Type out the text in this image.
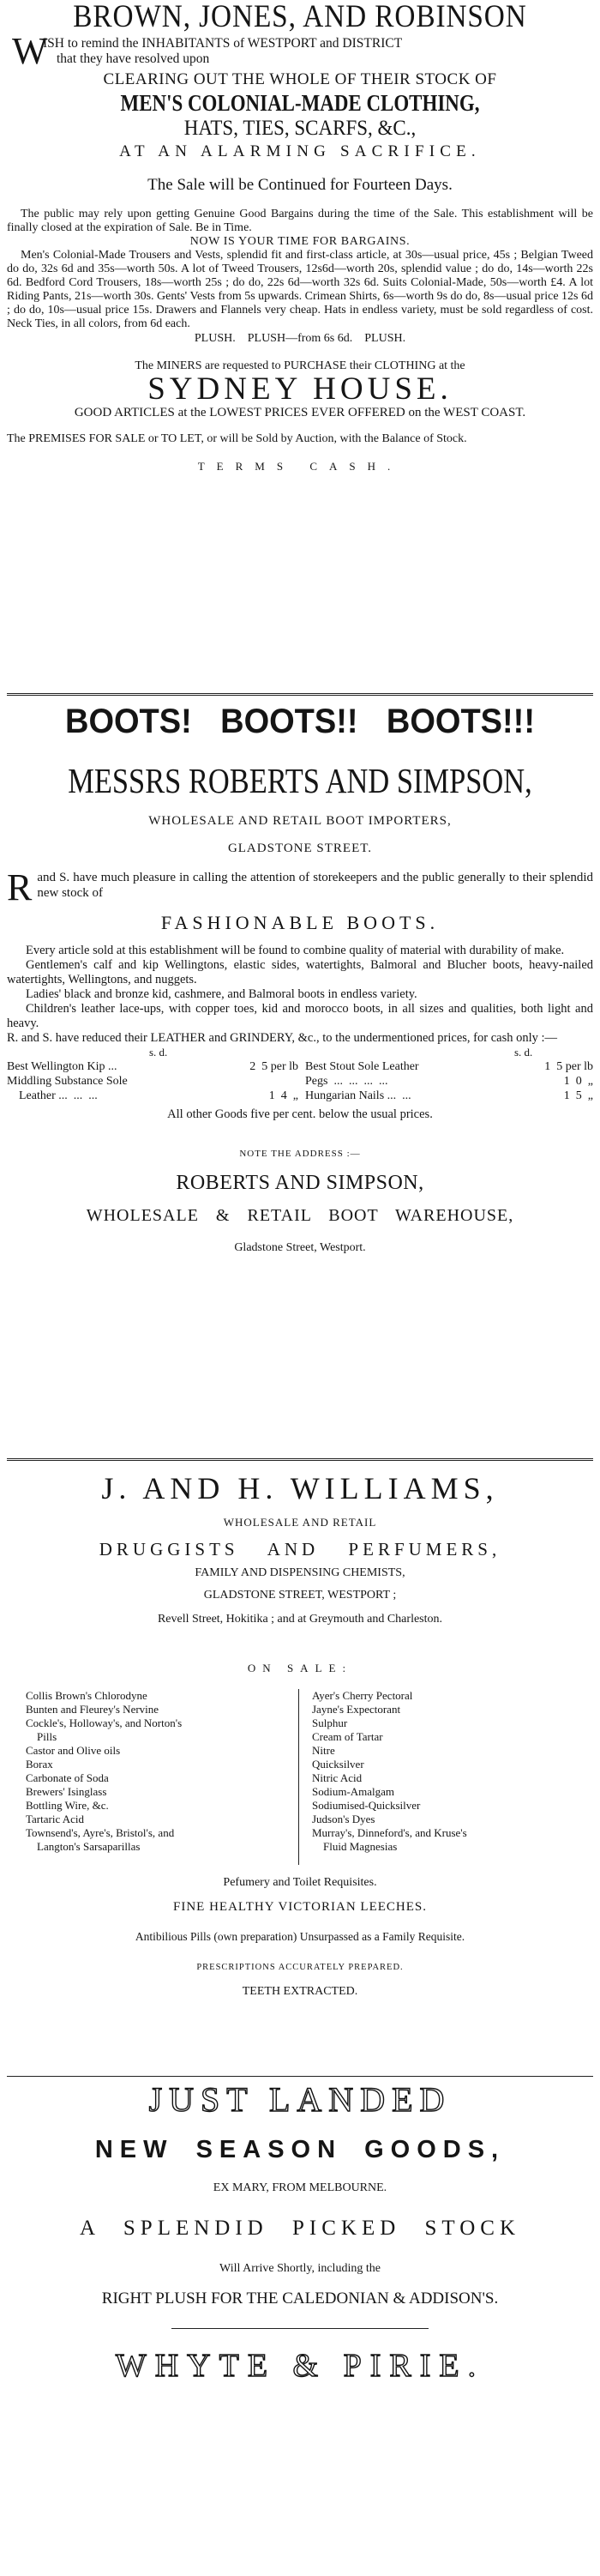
BROWN, JONES, AND ROBINSON
W
ISH to remind the INHABITANTS of WESTPORT and DISTRICT
that they have resolved upon
CLEARING OUT THE WHOLE OF THEIR STOCK OF
MEN'S COLONIAL-MADE CLOTHING,
HATS, TIES, SCARFS, &C.,
AT AN ALARMING SACRIFICE.
The Sale will be Continued for Fourteen Days.

The public may rely upon getting Genuine Good Bargains during the time of the Sale. This establishment will be finally closed at the expiration of Sale. Be in Time.

NOW IS YOUR TIME FOR BARGAINS.

Men's Colonial-Made Trousers and Vests, splendid fit and first-class article, at 30s—usual price, 45s ; Belgian Tweed do do, 32s 6d and 35s—worth 50s. A lot of Tweed Trousers, 12s6d—worth 20s, splendid value ; do do, 14s—worth 22s 6d. Bedford Cord Trousers, 18s—worth 25s ; do do, 22s 6d—worth 32s 6d. Suits Colonial-Made, 50s—worth £4. A lot Riding Pants, 21s—worth 30s. Gents' Vests from 5s upwards. Crimean Shirts, 6s—worth 9s do do, 8s—usual price 12s 6d ; do do, 10s—usual price 15s. Drawers and Flannels very cheap. Hats in endless variety, must be sold regardless of cost. Neck Ties, in all colors, from 6d each.

PLUSH.    PLUSH—from 6s 6d.    PLUSH.
The MINERS are requested to PURCHASE their CLOTHING at the
SYDNEY HOUSE.

GOOD ARTICLES at the LOWEST PRICES EVER OFFERED on the WEST COAST.

The PREMISES FOR SALE or TO LET, or will be Sold by Auction, with the Balance of Stock.

TERMS CASH.
BOOTS! BOOTS!! BOOTS!!!
MESSRS ROBERTS AND SIMPSON,
WHOLESALE AND RETAIL BOOT IMPORTERS,
GLADSTONE STREET.
R and S. have much pleasure in calling the attention of storekeepers and the public generally to their splendid new stock of

FASHIONABLE BOOTS.

Every article sold at this establishment will be found to combine quality of material with durability of make.

Gentlemen's calf and kip Wellingtons, elastic sides, watertights, Balmoral and Blucher boots, heavy-nailed watertights, Wellingtons, and nuggets.

Ladies' black and bronze kid, cashmere, and Balmoral boots in endless variety.

Children's leather lace-ups, with copper toes, kid and morocco boots, in all sizes and qualities, both light and heavy.

R. and S. have reduced their LEATHER and GRINDERY, &c., to the undermentioned prices, for cash only :—

s. d.	s. d.
Best Wellington Kip ...	2  5 per lb
Middling Substance Sole
Leather ...  ...  ...	1  4  „
Best Stout Sole Leather	1  5 per lb
Pegs  ...  ...  ...  ...	1  0  „
Hungarian Nails ...  ...	1  5  „
All other Goods five per cent. below the usual prices.
NOTE THE ADDRESS :—
ROBERTS AND SIMPSON,
WHOLESALE & RETAIL BOOT WAREHOUSE,
Gladstone Street, Westport.
J. AND H. WILLIAMS,
WHOLESALE AND RETAIL
DRUGGISTS AND PERFUMERS,
FAMILY AND DISPENSING CHEMISTS,
GLADSTONE STREET, WESTPORT ;
Revell Street, Hokitika ; and at Greymouth and Charleston.
ON SALE:
Collis Brown's Chlorodyne
Bunten and Fleurey's Nervine
Cockle's, Holloway's, and Norton's
Pills
Castor and Olive oils
Borax
Carbonate of Soda
Brewers' Isinglass
Bottling Wire, &c.
Tartaric Acid
Townsend's, Ayre's, Bristol's, and
Langton's Sarsaparillas
Ayer's Cherry Pectoral
Jayne's Expectorant
Sulphur
Cream of Tartar
Nitre
Quicksilver
Nitric Acid
Sodium-Amalgam
Sodiumised-Quicksilver
Judson's Dyes
Murray's, Dinneford's, and Kruse's
Fluid Magnesias
Pefumery and Toilet Requisites.
FINE HEALTHY VICTORIAN LEECHES.
Antibilious Pills (own preparation) Unsurpassed as a Family Requisite.
PRESCRIPTIONS ACCURATELY PREPARED.
TEETH EXTRACTED.
JUST LANDED
NEW SEASON GOODS,
EX MARY, FROM MELBOURNE.
A SPLENDID PICKED STOCK
Will Arrive Shortly, including the
RIGHT PLUSH FOR THE CALEDONIAN & ADDISON'S.
WHYTE & PIRIE.
